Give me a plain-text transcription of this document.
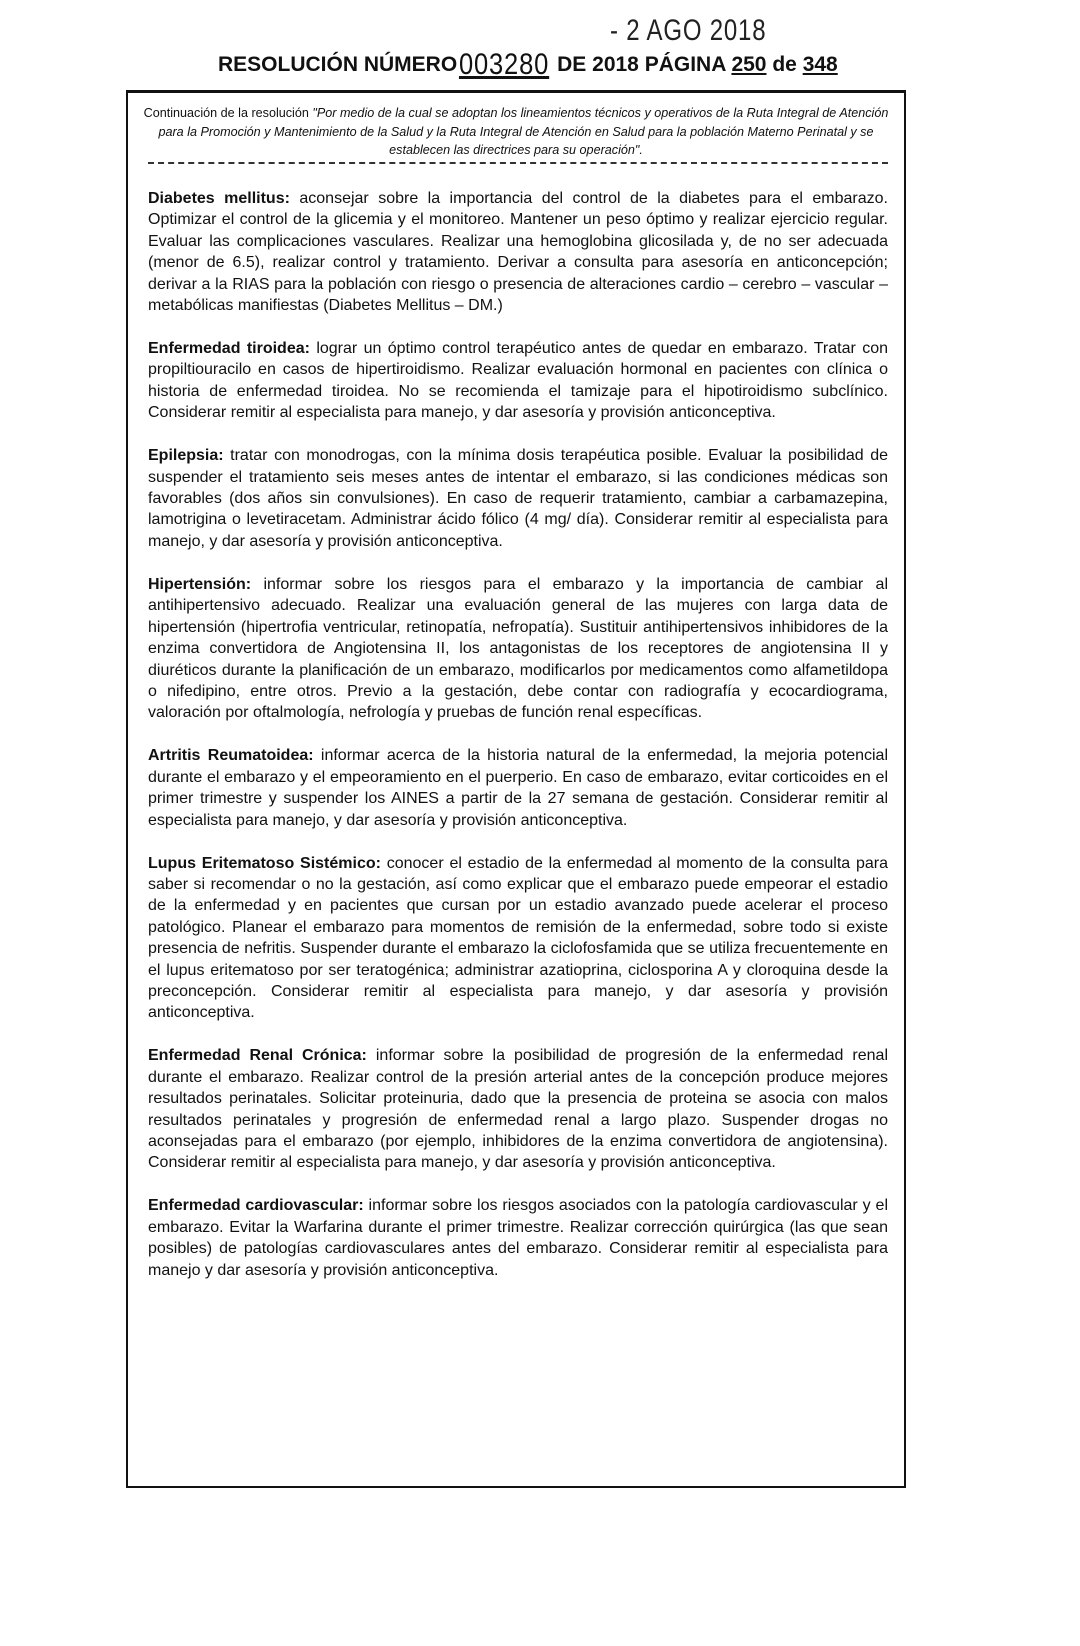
- 2 AGO 2018
RESOLUCIÓN NÚMERO003280 DE 2018 PÁGINA 250 de 348
Continuación de la resolución "Por medio de la cual se adoptan los lineamientos técnicos y operativos de la Ruta Integral de Atención para la Promoción y Mantenimiento de la Salud y la Ruta Integral de Atención en Salud para la población Materno Perinatal y se establecen las directrices para su operación".

Diabetes mellitus: aconsejar sobre la importancia del control de la diabetes para el embarazo. Optimizar el control de la glicemia y el monitoreo. Mantener un peso óptimo y realizar ejercicio regular. Evaluar las complicaciones vasculares. Realizar una hemoglobina glicosilada y, de no ser adecuada (menor de 6.5), realizar control y tratamiento. Derivar a consulta para asesoría en anticoncepción; derivar a la RIAS para la población con riesgo o presencia de alteraciones cardio – cerebro – vascular – metabólicas manifiestas (Diabetes Mellitus – DM.)

Enfermedad tiroidea: lograr un óptimo control terapéutico antes de quedar en embarazo. Tratar con propiltiouracilo en casos de hipertiroidismo. Realizar evaluación hormonal en pacientes con clínica o historia de enfermedad tiroidea. No se recomienda el tamizaje para el hipotiroidismo subclínico. Considerar remitir al especialista para manejo, y dar asesoría y provisión anticonceptiva.

Epilepsia: tratar con monodrogas, con la mínima dosis terapéutica posible. Evaluar la posibilidad de suspender el tratamiento seis meses antes de intentar el embarazo, si las condiciones médicas son favorables (dos años sin convulsiones). En caso de requerir tratamiento, cambiar a carbamazepina, lamotrigina o levetiracetam. Administrar ácido fólico (4 mg/ día). Considerar remitir al especialista para manejo, y dar asesoría y provisión anticonceptiva.

Hipertensión: informar sobre los riesgos para el embarazo y la importancia de cambiar al antihipertensivo adecuado. Realizar una evaluación general de las mujeres con larga data de hipertensión (hipertrofia ventricular, retinopatía, nefropatía). Sustituir antihipertensivos inhibidores de la enzima convertidora de Angiotensina II, los antagonistas de los receptores de angiotensina II y diuréticos durante la planificación de un embarazo, modificarlos por medicamentos como alfametildopa o nifedipino, entre otros. Previo a la gestación, debe contar con radiografía y ecocardiograma, valoración por oftalmología, nefrología y pruebas de función renal específicas.

Artritis Reumatoidea: informar acerca de la historia natural de la enfermedad, la mejoria potencial durante el embarazo y el empeoramiento en el puerperio. En caso de embarazo, evitar corticoides en el primer trimestre y suspender los AINES a partir de la 27 semana de gestación. Considerar remitir al especialista para manejo, y dar asesoría y provisión anticonceptiva.

Lupus Eritematoso Sistémico: conocer el estadio de la enfermedad al momento de la consulta para saber si recomendar o no la gestación, así como explicar que el embarazo puede empeorar el estadio de la enfermedad y en pacientes que cursan por un estadio avanzado puede acelerar el proceso patológico. Planear el embarazo para momentos de remisión de la enfermedad, sobre todo si existe presencia de nefritis. Suspender durante el embarazo la ciclofosfamida que se utiliza frecuentemente en el lupus eritematoso por ser teratogénica; administrar azatioprina, ciclosporina A y cloroquina desde la preconcepción. Considerar remitir al especialista para manejo, y dar asesoría y provisión anticonceptiva.

Enfermedad Renal Crónica: informar sobre la posibilidad de progresión de la enfermedad renal durante el embarazo. Realizar control de la presión arterial antes de la concepción produce mejores resultados perinatales. Solicitar proteinuria, dado que la presencia de proteina se asocia con malos resultados perinatales y progresión de enfermedad renal a largo plazo. Suspender drogas no aconsejadas para el embarazo (por ejemplo, inhibidores de la enzima convertidora de angiotensina). Considerar remitir al especialista para manejo, y dar asesoría y provisión anticonceptiva.

Enfermedad cardiovascular: informar sobre los riesgos asociados con la patología cardiovascular y el embarazo. Evitar la Warfarina durante el primer trimestre. Realizar corrección quirúrgica (las que sean posibles) de patologías cardiovasculares antes del embarazo. Considerar remitir al especialista para manejo y dar asesoría y provisión anticonceptiva.
